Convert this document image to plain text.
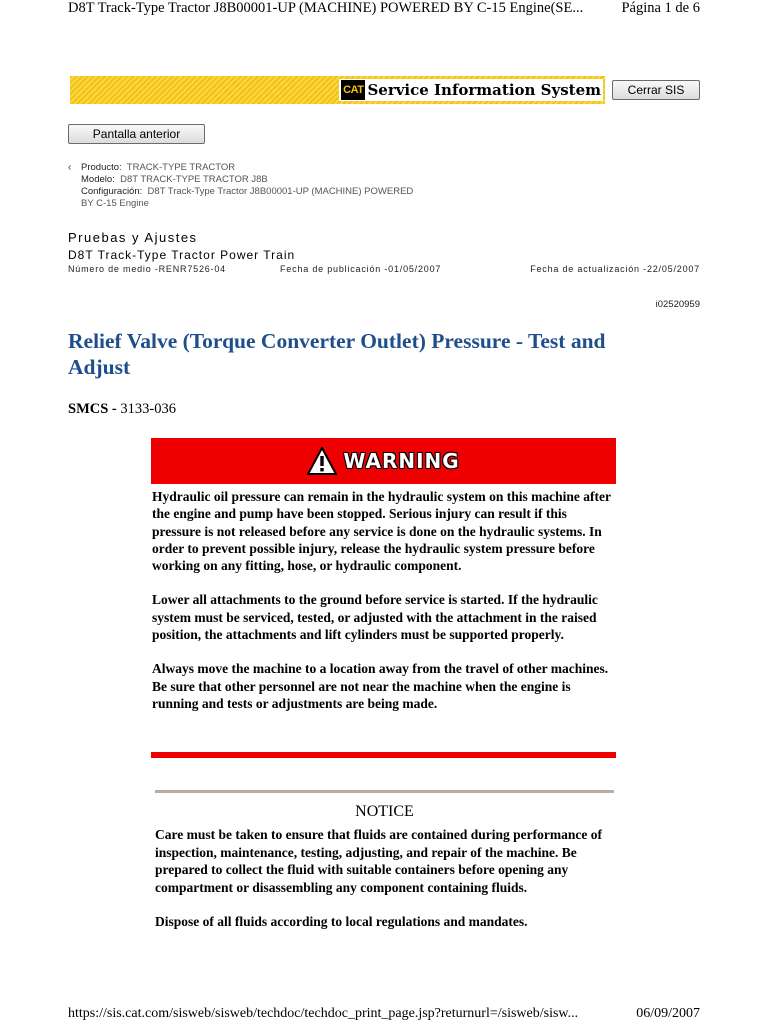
D8T Track-Type Tractor J8B00001-UP (MACHINE) POWERED BY C-15 Engine(SE...	Página 1 de 6
CAT Service Information System	Cerrar SIS
Pantalla anterior
‹ Producto: TRACK-TYPE TRACTOR
Modelo: D8T TRACK-TYPE TRACTOR J8B
Configuración: D8T Track-Type Tractor J8B00001-UP (MACHINE) POWERED
BY C-15 Engine
Pruebas y Ajustes
D8T Track-Type Tractor Power Train
Número de medio -RENR7526-04	Fecha de publicación -01/05/2007	Fecha de actualización -22/05/2007
i02520959
Relief Valve (Torque Converter Outlet) Pressure - Test and
Adjust
SMCS - 3133-036
WARNING

Hydraulic oil pressure can remain in the hydraulic system on this machine after the engine and pump have been stopped. Serious injury can result if this pressure is not released before any service is done on the hydraulic systems. In order to prevent possible injury, release the hydraulic system pressure before working on any fitting, hose, or hydraulic component.

Lower all attachments to the ground before service is started. If the hydraulic system must be serviced, tested, or adjusted with the attachment in the raised position, the attachments and lift cylinders must be supported properly.

Always move the machine to a location away from the travel of other machines. Be sure that other personnel are not near the machine when the engine is running and tests or adjustments are being made.

NOTICE

Care must be taken to ensure that fluids are contained during performance of inspection, maintenance, testing, adjusting, and repair of the machine. Be prepared to collect the fluid with suitable containers before opening any compartment or disassembling any component containing fluids.

Dispose of all fluids according to local regulations and mandates.

https://sis.cat.com/sisweb/sisweb/techdoc/techdoc_print_page.jsp?returnurl=/sisweb/sisw...	06/09/2007
